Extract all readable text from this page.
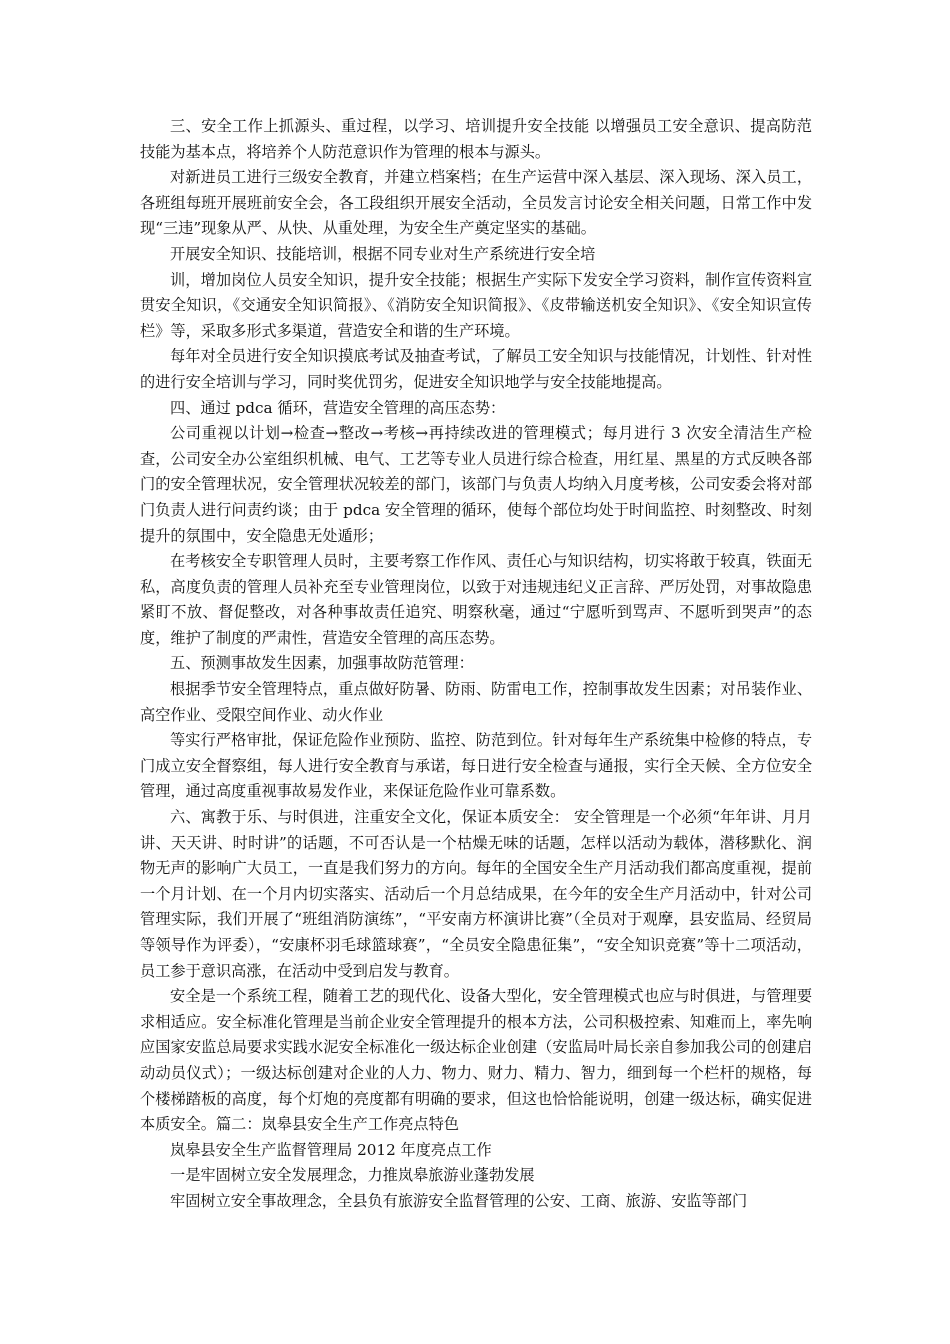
三、安全工作上抓源头、重过程，以学习、培训提升安全技能 以增强员工安全意识、提高防范技能为基本点，将培养个人防范意识作为管理的根本与源头。

对新进员工进行三级安全教育，并建立档案档；在生产运营中深入基层、深入现场、深入员工，各班组每班开展班前安全会，各工段组织开展安全活动，全员发言讨论安全相关问题，日常工作中发现“三违”现象从严、从快、从重处理，为安全生产奠定坚实的基础。

开展安全知识、技能培训，根据不同专业对生产系统进行安全培

训，增加岗位人员安全知识，提升安全技能；根据生产实际下发安全学习资料，制作宣传资料宣贯安全知识，《交通安全知识简报》、《消防安全知识简报》、《皮带输送机安全知识》、《安全知识宣传栏》等，采取多形式多渠道，营造安全和谐的生产环境。

每年对全员进行安全知识摸底考试及抽查考试，了解员工安全知识与技能情况，计划性、针对性的进行安全培训与学习，同时奖优罚劣，促进安全知识地学与安全技能地提高。

四、通过 pdca 循环，营造安全管理的高压态势：

公司重视以计划→检查→整改→考核→再持续改进的管理模式；每月进行 3 次安全清洁生产检查，公司安全办公室组织机械、电气、工艺等专业人员进行综合检查，用红星、黑星的方式反映各部门的安全管理状况，安全管理状况较差的部门，该部门与负责人均纳入月度考核，公司安委会将对部门负责人进行问责约谈；由于 pdca 安全管理的循环，使每个部位均处于时间监控、时刻整改、时刻提升的氛围中，安全隐患无处遁形；

在考核安全专职管理人员时，主要考察工作作风、责任心与知识结构，切实将敢于较真，铁面无私，高度负责的管理人员补充至专业管理岗位，以致于对违规违纪义正言辞、严厉处罚，对事故隐患紧盯不放、督促整改，对各种事故责任追究、明察秋毫，通过“宁愿听到骂声、不愿听到哭声”的态度，维护了制度的严肃性，营造安全管理的高压态势。

五、预测事故发生因素，加强事故防范管理：

根据季节安全管理特点，重点做好防暑、防雨、防雷电工作，控制事故发生因素；对吊装作业、高空作业、受限空间作业、动火作业

等实行严格审批，保证危险作业预防、监控、防范到位。针对每年生产系统集中检修的特点，专门成立安全督察组，每人进行安全教育与承诺，每日进行安全检查与通报，实行全天候、全方位安全管理，通过高度重视事故易发作业，来保证危险作业可靠系数。

六、寓教于乐、与时俱进，注重安全文化，保证本质安全： 安全管理是一个必须“年年讲、月月讲、天天讲、时时讲”的话题，不可否认是一个枯燥无味的话题，怎样以活动为载体，潜移默化、润物无声的影响广大员工，一直是我们努力的方向。每年的全国安全生产月活动我们都高度重视，提前一个月计划、在一个月内切实落实、活动后一个月总结成果，在今年的安全生产月活动中，针对公司管理实际，我们开展了“班组消防演练”，“平安南方杯演讲比赛”（全员对于观摩，县安监局、经贸局等领导作为评委），“安康杯羽毛球篮球赛”，“全员安全隐患征集”，“安全知识竞赛”等十二项活动，员工参于意识高涨，在活动中受到启发与教育。

安全是一个系统工程，随着工艺的现代化、设备大型化，安全管理模式也应与时俱进，与管理要求相适应。安全标准化管理是当前企业安全管理提升的根本方法，公司积极控索、知难而上，率先响应国家安监总局要求实践水泥安全标准化一级达标企业创建（安监局叶局长亲自参加我公司的创建启动动员仪式）；一级达标创建对企业的人力、物力、财力、精力、智力，细到每一个栏杆的规格，每个楼梯踏板的高度，每个灯炮的亮度都有明确的要求，但这也恰恰能说明，创建一级达标，确实促进本质安全。篇二：岚皋县安全生产工作亮点特色

岚皋县安全生产监督管理局 2012 年度亮点工作

一是牢固树立安全发展理念，力推岚皋旅游业蓬勃发展

牢固树立安全事故理念，全县负有旅游安全监督管理的公安、工商、旅游、安监等部门
